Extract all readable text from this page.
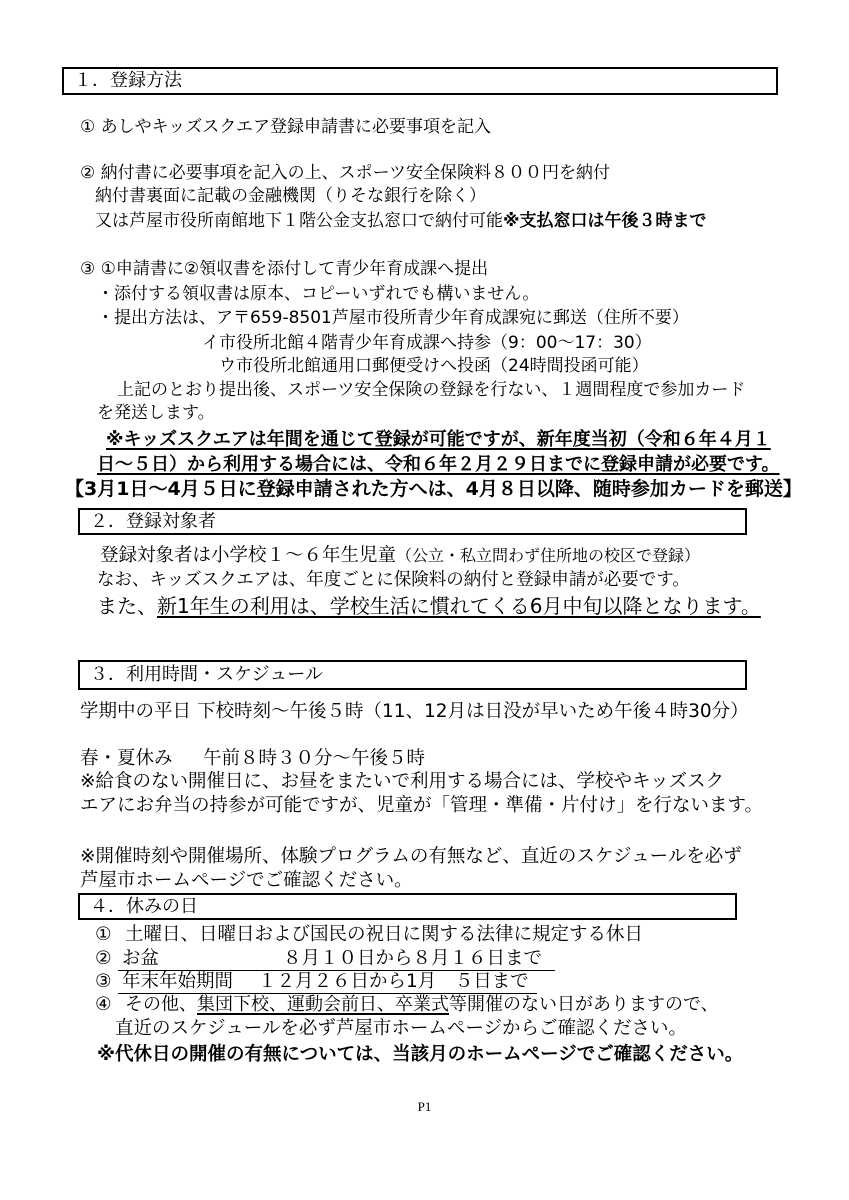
１．登録方法
① あしやキッズスクエア登録申請書に必要事項を記入
② 納付書に必要事項を記入の上、スポーツ安全保険料８００円を納付
納付書裏面に記載の金融機関（りそな銀行を除く）
又は芦屋市役所南館地下１階公金支払窓口で納付可能※支払窓口は午後３時まで
③ ①申請書に②領収書を添付して青少年育成課へ提出
・添付する領収書は原本、コピーいずれでも構いません。
・提出方法は、ア〒659-8501芦屋市役所青少年育成課宛に郵送（住所不要）
イ市役所北館４階青少年育成課へ持参（9：00～17：30）
ウ市役所北館通用口郵便受けへ投函（24時間投函可能）
上記のとおり提出後、スポーツ安全保険の登録を行ない、１週間程度で参加カード
を発送します。
※キッズスクエアは年間を通じて登録が可能ですが、新年度当初（令和６年４月１
日～５日）から利用する場合には、令和６年２月２９日までに登録申請が必要です。
【3月1日～4月５日に登録申請された方へは、4月８日以降、随時参加カードを郵送】
２．登録対象者
登録対象者は小学校１～６年生児童（公立・私立問わず住所地の校区で登録）
なお、キッズスクエアは、年度ごとに保険料の納付と登録申請が必要です。
また、新1年生の利用は、学校生活に慣れてくる6月中旬以降となります。
３．利用時間・スケジュール
学期中の平日 下校時刻～午後５時（11、12月は日没が早いため午後４時30分）
春・夏休み 午前８時３０分～午後５時
※給食のない開催日に、お昼をまたいで利用する場合には、学校やキッズスク
エアにお弁当の持参が可能ですが、児童が「管理・準備・片付け」を行ないます。
※開催時刻や開催場所、体験プログラムの有無など、直近のスケジュールを必ず
芦屋市ホームページでご確認ください。
４．休みの日
① 土曜日、日曜日および国民の祝日に関する法律に規定する休日
② お盆	８月１０日から８月１６日まで
③ 年末年始期間 １２月２６日から1月　５日まで
④ その他、集団下校、運動会前日、卒業式等開催のない日がありますので、
直近のスケジュールを必ず芦屋市ホームページからご確認ください。
※代休日の開催の有無については、当該月のホームページでご確認ください。
P1
